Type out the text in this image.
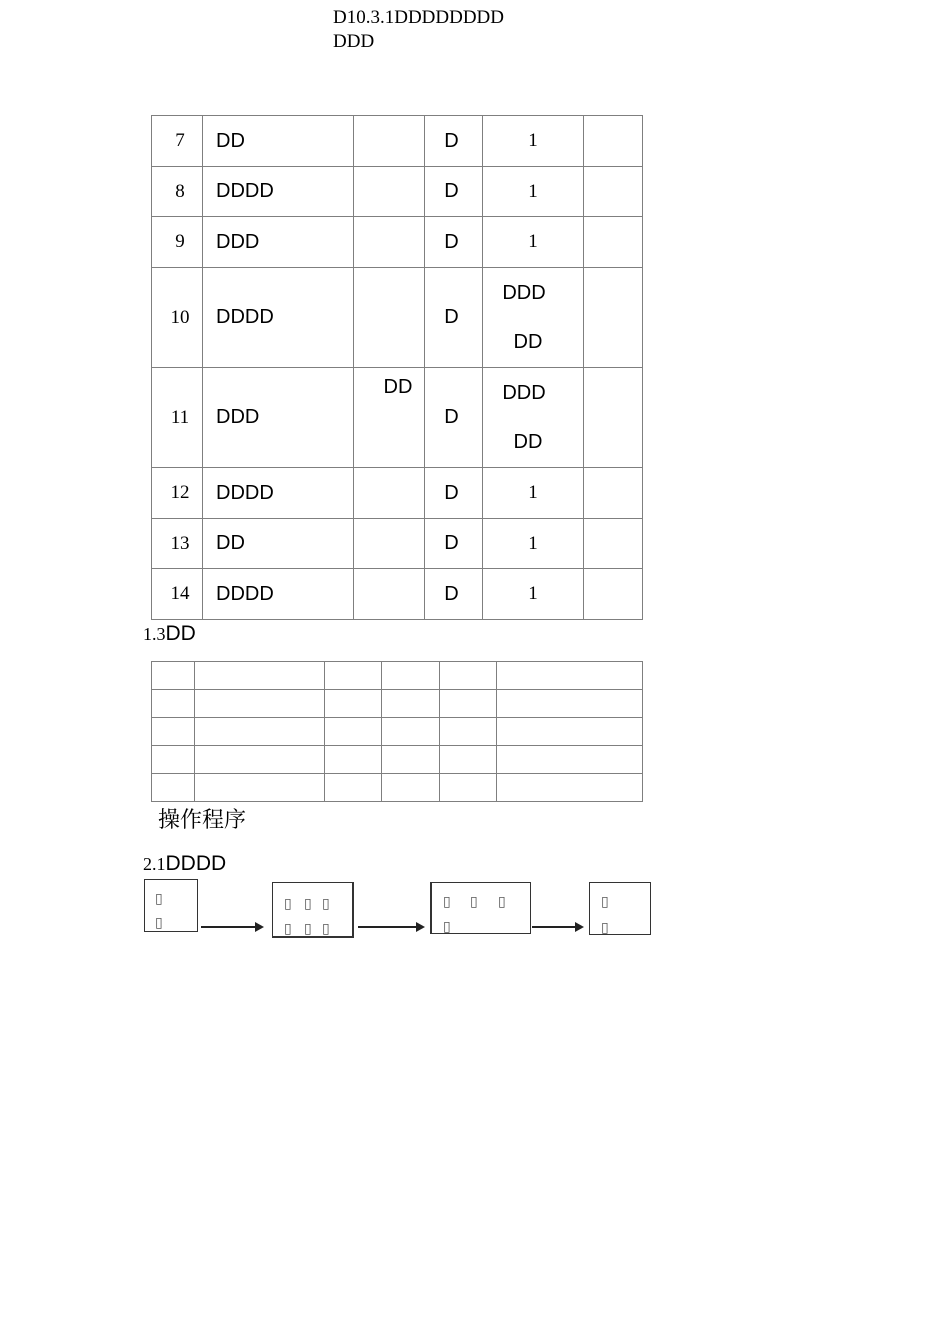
D10.3.1DDDDDDDD
DDD
7	DD		D	1	
8	DDDD		D	1	
9	DDD		D	1	
10	DDDD		D	DDD
DD	

11	DDD	DD	D	DDD
DD	

12	DDDD		D	1	
13	DD		D	1	
14	DDDD		D	1	
1.3DD

操作程序
2.1DDDD
▯
▯
▯ ▯ ▯
▯ ▯ ▯
▯ ▯ ▯
▯
▯
▯
